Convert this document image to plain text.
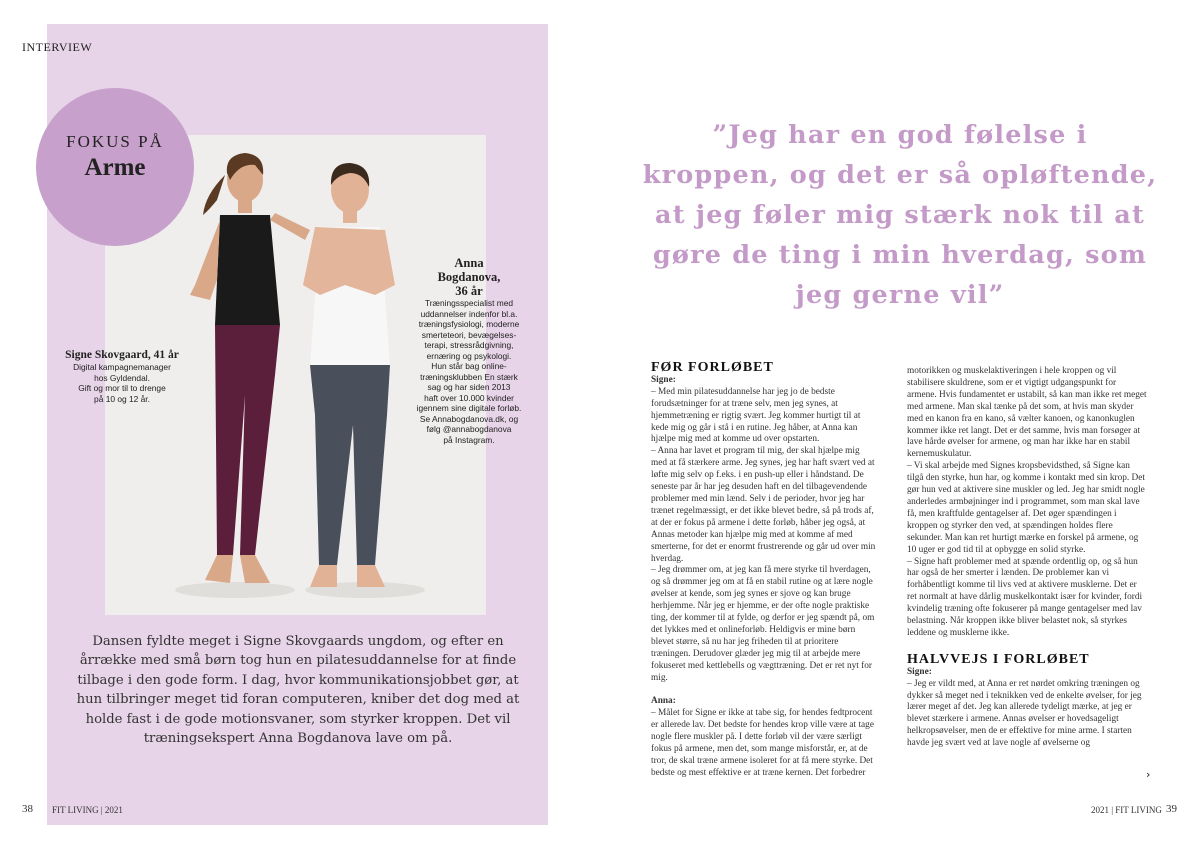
INTERVIEW
FOKUS PÅ
Arme
Signe Skovgaard, 41 år
Digital kampagnemanager
hos Gyldendal.
Gift og mor til to drenge
på 10 og 12 år.
Anna
Bogdanova,
36 år
Træningsspecialist med
uddannelser indenfor bl.a.
træningsfysiologi, moderne
smerteteori, bevægelses-
terapi, stressrådgivning,
ernæring og psykologi.
Hun står bag online-
træningsklubben En stærk
sag og har siden 2013
haft over 10.000 kvinder
igennem sine digitale forløb.
Se Annabogdanova.dk, og
følg @annabogdanova
på Instagram.
Dansen fyldte meget i Signe Skovgaards ungdom, og efter en årrække med små børn tog hun en pilatesuddannelse for at finde tilbage i den gode form. I dag, hvor kommunikationsjobbet gør, at hun tilbringer meget tid foran computeren, kniber det dog med at holde fast i de gode motionsvaner, som styrker kroppen. Det vil træningsekspert Anna Bogdanova lave om på.
38 FIT LIVING | 2021
”Jeg har en god følelse i kroppen, og det er så opløftende, at jeg føler mig stærk nok til at gøre de ting i min hverdag, som jeg gerne vil”
FØR FORLØBET
Signe:

– Med min pilatesuddannelse har jeg jo de bedste forudsætninger for at træne selv, men jeg synes, at hjemmetræning er rigtig svært. Jeg kommer hurtigt til at kede mig og går i stå i en rutine. Jeg håber, at Anna kan hjælpe mig med at komme ud over opstarten.

– Anna har lavet et program til mig, der skal hjælpe mig med at få stærkere arme. Jeg synes, jeg har haft svært ved at løfte mig selv op f.eks. i en push-up eller i håndstand. De seneste par år har jeg desuden haft en del tilbagevendende problemer med min lænd. Selv i de perioder, hvor jeg har trænet regelmæssigt, er det ikke blevet bedre, så på trods af, at der er fokus på armene i dette forløb, håber jeg også, at Annas metoder kan hjælpe mig med at komme af med smerterne, for det er enormt frustrerende og går ud over min hverdag.

– Jeg drømmer om, at jeg kan få mere styrke til hverdagen, og så drømmer jeg om at få en stabil rutine og at lære nogle øvelser at kende, som jeg synes er sjove og kan bruge herhjemme. Når jeg er hjemme, er der ofte nogle praktiske ting, der kommer til at fylde, og derfor er jeg spændt på, om det lykkes med et onlineforløb. Heldigvis er mine børn blevet større, så nu har jeg friheden til at prioritere træningen. Derudover glæder jeg mig til at arbejde mere fokuseret med kettlebells og vægttræning. Det er ret nyt for mig.

Anna:

– Målet for Signe er ikke at tabe sig, for hendes fedtprocent er allerede lav. Det bedste for hendes krop ville være at tage nogle flere muskler på. I dette forløb vil der være særligt fokus på armene, men det, som mange misforstår, er, at de tror, de skal træne armene isoleret for at få mere styrke. Det bedste og mest effektive er at træne kernen. Det forbedrer

motorikken og muskelaktiveringen i hele kroppen og vil stabilisere skuldrene, som er et vigtigt udgangspunkt for armene. Hvis fundamentet er ustabilt, så kan man ikke ret meget med armene. Man skal tænke på det som, at hvis man skyder med en kanon fra en kano, så vælter kanoen, og kanonkuglen kommer ikke ret langt. Det er det samme, hvis man forsøger at lave hårde øvelser for armene, og man har ikke har en stabil kernemuskulatur.

– Vi skal arbejde med Signes kropsbevidsthed, så Signe kan tilgå den styrke, hun har, og komme i kontakt med sin krop. Det gør hun ved at aktivere sine muskler og led. Jeg har smidt nogle anderledes armbøjninger ind i programmet, som man skal lave få, men kraftfulde gentagelser af. Det øger spændingen i kroppen og styrker den ved, at spændingen holdes flere sekunder. Man kan ret hurtigt mærke en forskel på armene, og 10 uger er god tid til at opbygge en solid styrke.

– Signe haft problemer med at spænde ordentlig op, og så hun har også de her smerter i lænden. De problemer kan vi forhåbentligt komme til livs ved at aktivere musklerne. Det er ret normalt at have dårlig muskelkontakt især for kvinder, fordi kvindelig træning ofte fokuserer på mange gentagelser med lav belastning. Når kroppen ikke bliver belastet nok, så styrkes leddene og musklerne ikke.

HALVVEJS I FORLØBET
Signe:

– Jeg er vildt med, at Anna er ret nørdet omkring træningen og dykker så meget ned i teknikken ved de enkelte øvelser, for jeg lærer meget af det. Jeg kan allerede tydeligt mærke, at jeg er blevet stærkere i armene. Annas øvelser er hovedsageligt helkropsøvelser, men de er effektive for mine arme. I starten havde jeg svært ved at lave nogle af øvelserne og

›
2021 | FIT LIVING 39
